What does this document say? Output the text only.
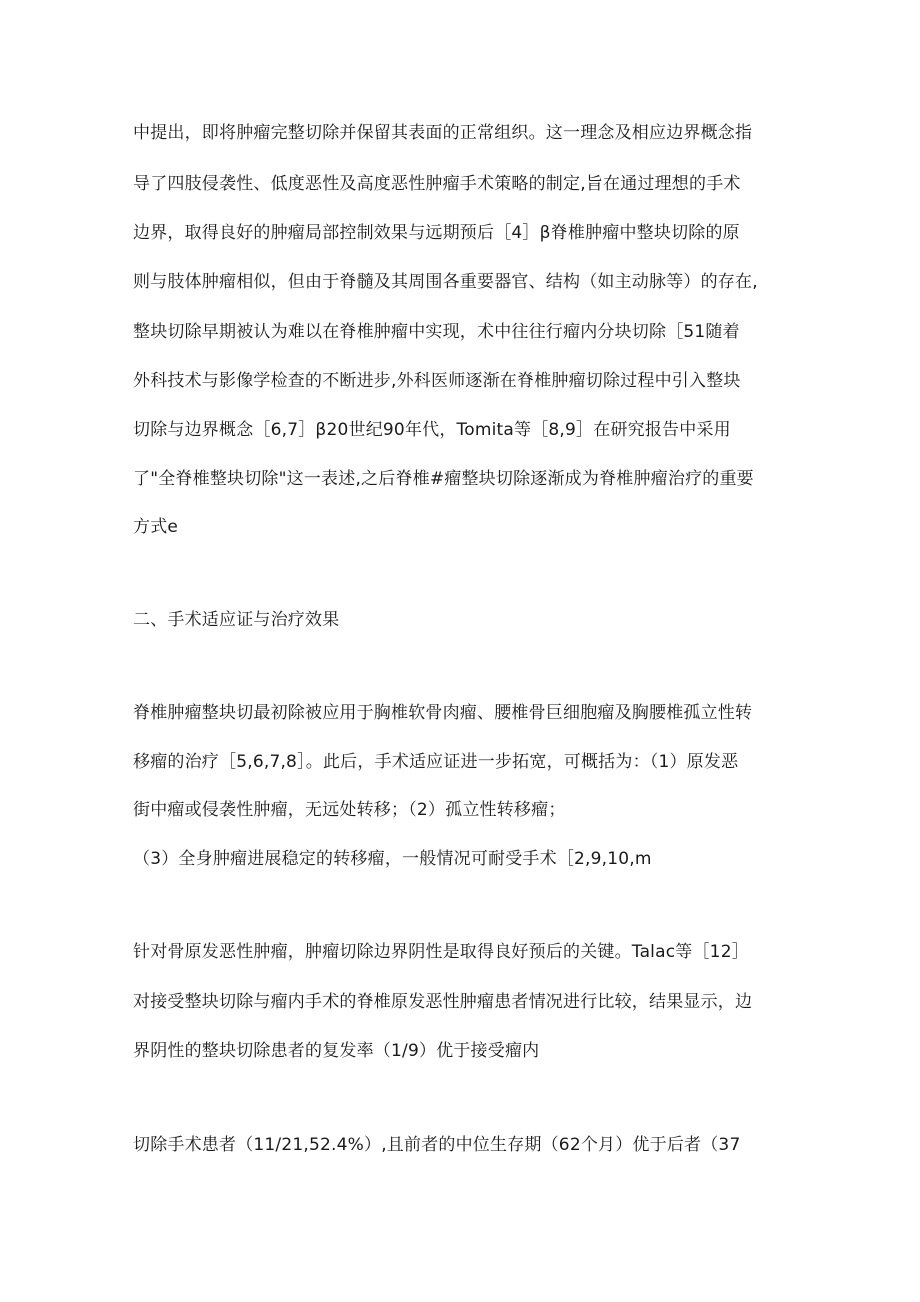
中提出，即将肿瘤完整切除并保留其表面的正常组织。这一理念及相应边界概念指
导了四肢侵袭性、低度恶性及高度恶性肿瘤手术策略的制定,旨在通过理想的手术
边界，取得良好的肿瘤局部控制效果与远期预后［4］β脊椎肿瘤中整块切除的原
则与肢体肿瘤相似，但由于脊髓及其周围各重要器官、结构（如主动脉等）的存在,
整块切除早期被认为难以在脊椎肿瘤中实现，术中往往行瘤内分块切除［51随着
外科技术与影像学检查的不断进步,外科医师逐渐在脊椎肿瘤切除过程中引入整块
切除与边界概念［6,7］β20世纪90年代，Tomita等［8,9］在研究报告中采用
了"全脊椎整块切除"这一表述,之后脊椎#瘤整块切除逐渐成为脊椎肿瘤治疗的重要
方式e
二、手术适应证与治疗效果
脊椎肿瘤整块切最初除被应用于胸椎软骨肉瘤、腰椎骨巨细胞瘤及胸腰椎孤立性转
移瘤的治疗［5,6,7,8］。此后，手术适应证进一步拓宽，可概括为：（1）原发恶
街中瘤或侵袭性肿瘤，无远处转移；（2）孤立性转移瘤；
（3）全身肿瘤进展稳定的转移瘤，一般情况可耐受手术［2,9,10,m
针对骨原发恶性肿瘤，肿瘤切除边界阴性是取得良好预后的关键。Talac等［12］
对接受整块切除与瘤内手术的脊椎原发恶性肿瘤患者情况进行比较，结果显示，边
界阴性的整块切除患者的复发率（1/9）优于接受瘤内
切除手术患者（11/21,52.4%）,且前者的中位生存期（62个月）优于后者（37
